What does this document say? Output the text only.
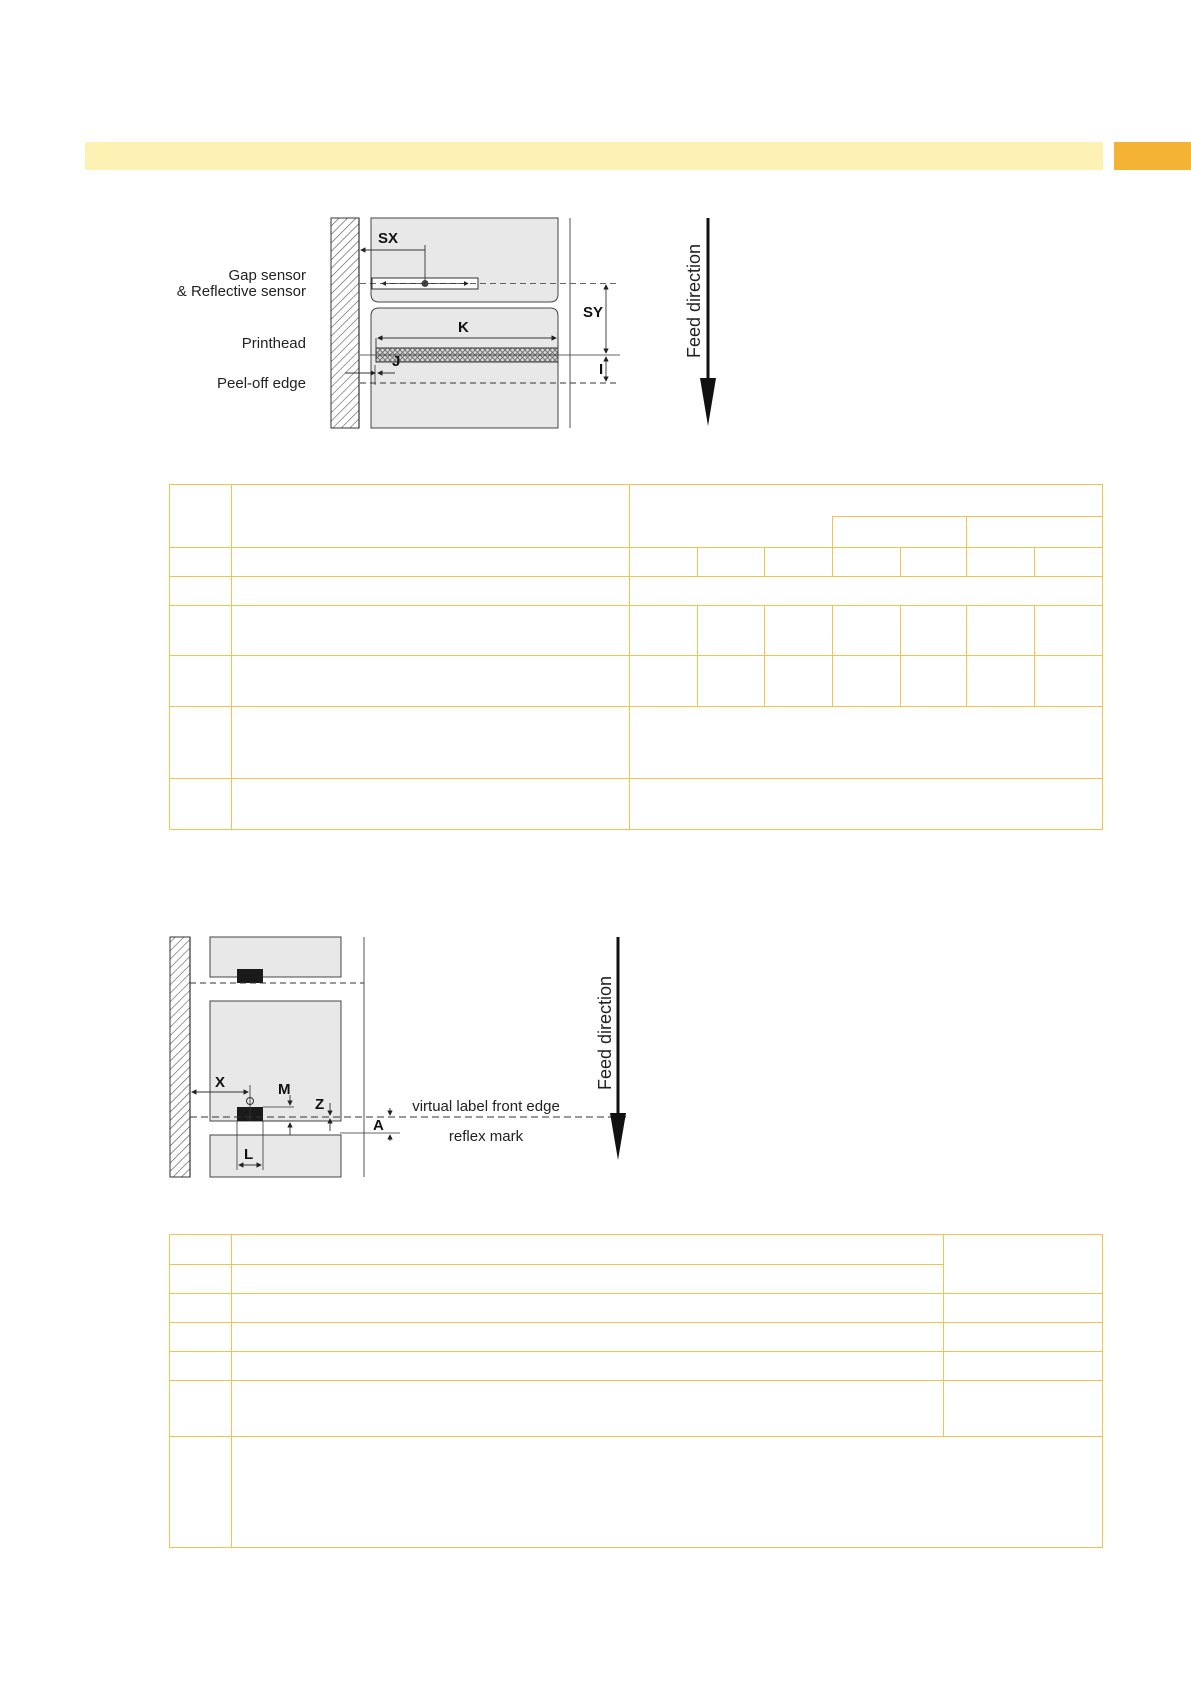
SX
K
J
SY
I
Gap sensor
& Reflective sensor
Printhead
Peel-off edge
Feed direction

X	M
Z
A
L
virtual label front edge
reflex mark
Feed direction
